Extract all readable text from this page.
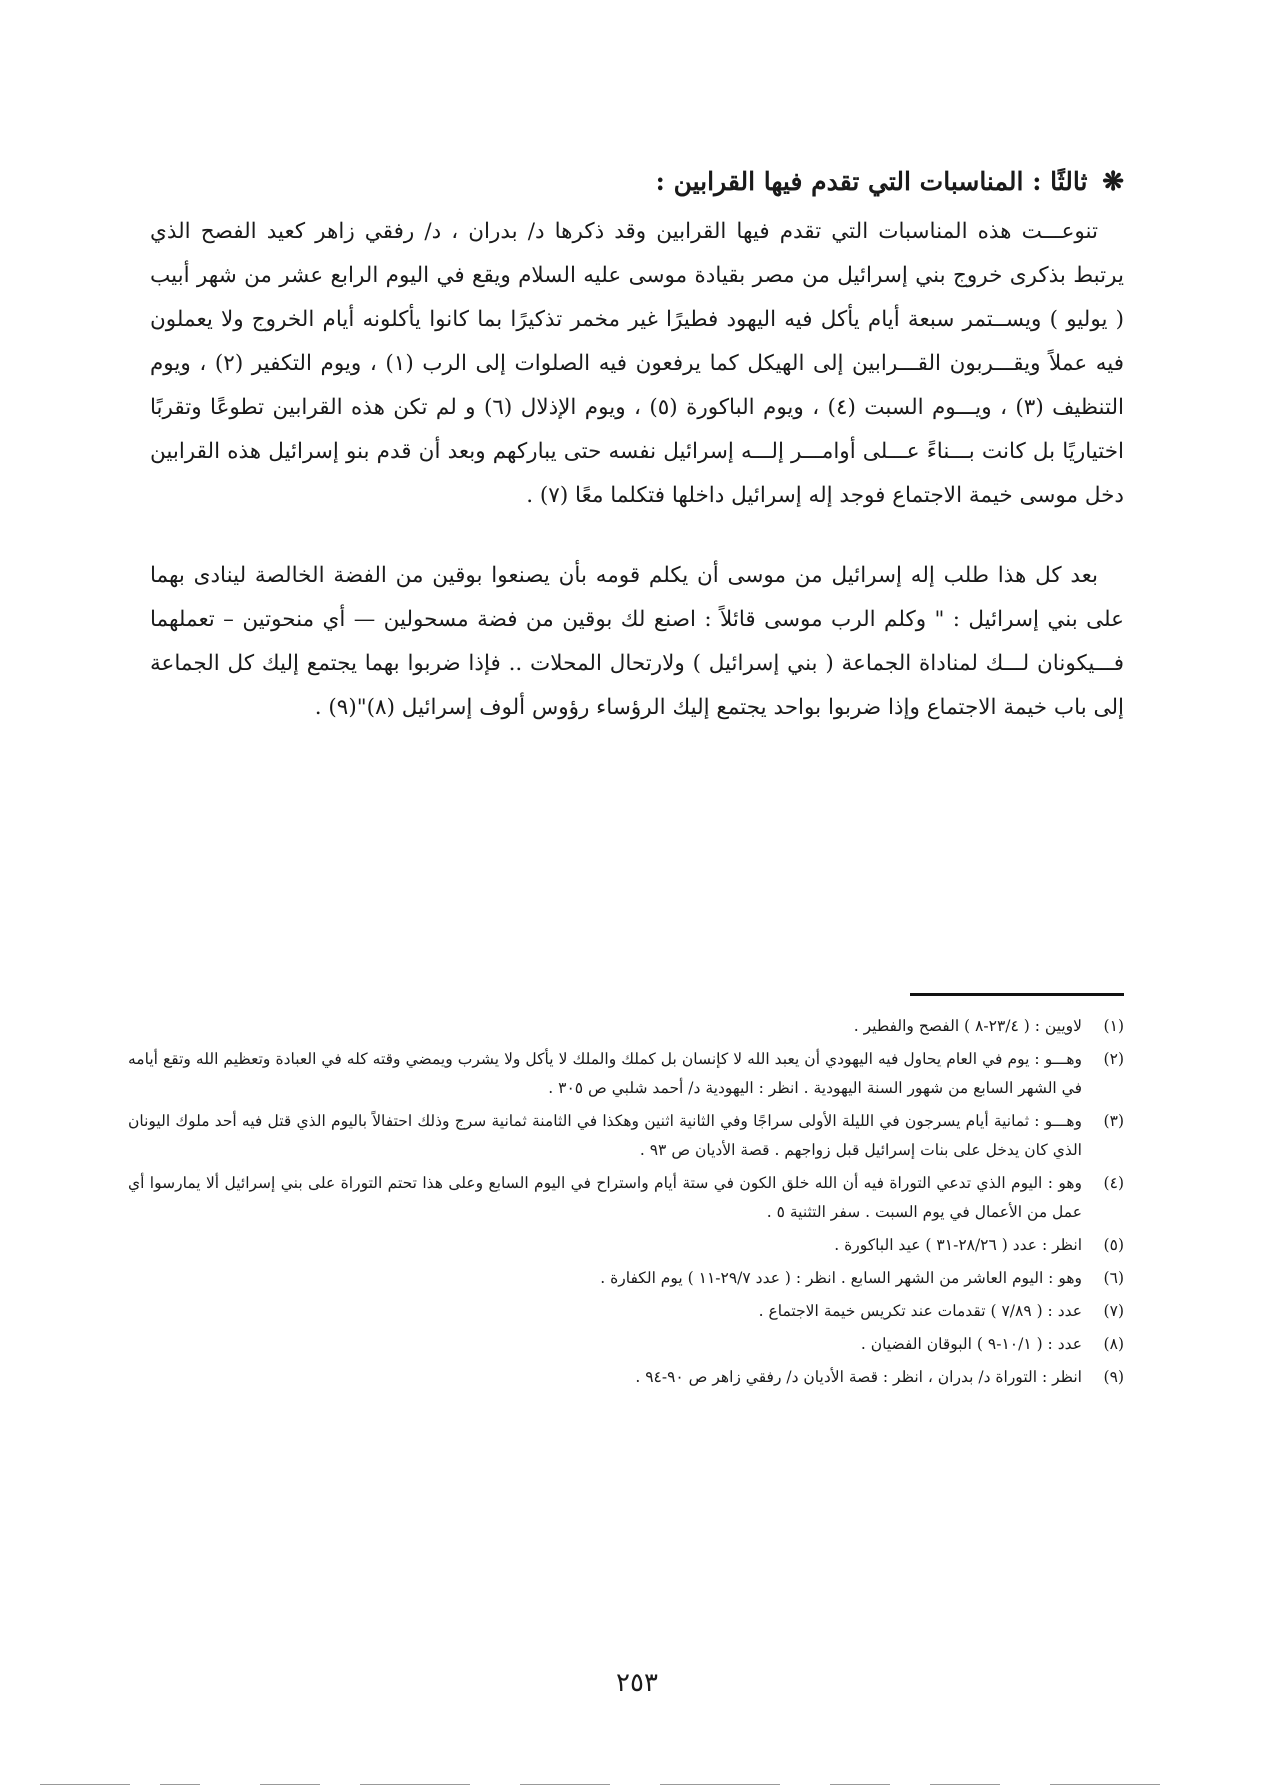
❋ ثالثًا : المناسبات التي تقدم فيها القرابين :

تنوعـــت هذه المناسبات التي تقدم فيها القرابين وقد ذكرها د/ بدران ، د/ رفقي زاهر كعيد الفصح الذي يرتبط بذكرى خروج بني إسرائيل من مصر بقيادة موسى عليه السلام ويقع في اليوم الرابع عشر من شهر أبيب ( يوليو ) ويســتمر سبعة أيام يأكل فيه اليهود فطيرًا غير مخمر تذكيرًا بما كانوا يأكلونه أيام الخروج ولا يعملون فيه عملاً ويقـــربون القـــرابين إلى الهيكل كما يرفعون فيه الصلوات إلى الرب (١) ، ويوم التكفير (٢) ، ويوم التنظيف (٣) ، ويـــوم السبت (٤) ، ويوم الباكورة (٥) ، ويوم الإذلال (٦) و لم تكن هذه القرابين تطوعًا وتقربًا اختياريًا بل كانت بـــناءً عـــلى أوامـــر إلـــه إسرائيل نفسه حتى يباركهم وبعد أن قدم بنو إسرائيل هذه القرابين دخل موسى خيمة الاجتماع فوجد إله إسرائيل داخلها فتكلما معًا (٧) .

بعد كل هذا طلب إله إسرائيل من موسى أن يكلم قومه بأن يصنعوا بوقين من الفضة الخالصة لينادى بهما على بني إسرائيل : " وكلم الرب موسى قائلاً : اصنع لك بوقين من فضة مسحولين — أي منحوتين – تعملهما فـــيكونان لـــك لمناداة الجماعة ( بني إسرائيل ) ولارتحال المحلات .. فإذا ضربوا بهما يجتمع إليك كل الجماعة إلى باب خيمة الاجتماع وإذا ضربوا بواحد يجتمع إليك الرؤساء رؤوس ألوف إسرائيل (٨)"(٩) .

(١)
لاويين : ( ٢٣/٤-٨ ) الفصح والفطير .
(٢)
وهـــو : يوم في العام يحاول فيه اليهودي أن يعبد الله لا كإنسان بل كملك والملك لا يأكل ولا يشرب ويمضي وقته كله في العبادة وتعظيم الله وتقع أيامه في الشهر السابع من شهور السنة اليهودية . انظر : اليهودية د/ أحمد شلبي ص ٣٠٥ .
(٣)
وهـــو : ثمانية أيام يسرجون في الليلة الأولى سراجًا وفي الثانية اثنين وهكذا في الثامنة ثمانية سرج وذلك احتفالاً باليوم الذي قتل فيه أحد ملوك اليونان الذي كان يدخل على بنات إسرائيل قبل زواجهم . قصة الأديان ص ٩٣ .
(٤)
وهو : اليوم الذي تدعي التوراة فيه أن الله خلق الكون في ستة أيام واستراح في اليوم السابع وعلى هذا تحتم التوراة على بني إسرائيل ألا يمارسوا أي عمل من الأعمال في يوم السبت . سفر التثنية ٥ .
(٥)
انظر : عدد ( ٢٨/٢٦-٣١ ) عيد الباكورة .
(٦)
وهو : اليوم العاشر من الشهر السابع . انظر : ( عدد ٢٩/٧-١١ ) يوم الكفارة .
(٧)
عدد : ( ٧/٨٩ ) تقدمات عند تكريس خيمة الاجتماع .
(٨)
عدد : ( ١٠/١-٩ ) البوقان الفضيان .
(٩)
انظر : التوراة د/ بدران ، انظر : قصة الأديان د/ رفقي زاهر ص ٩٠-٩٤ .
٢٥٣
